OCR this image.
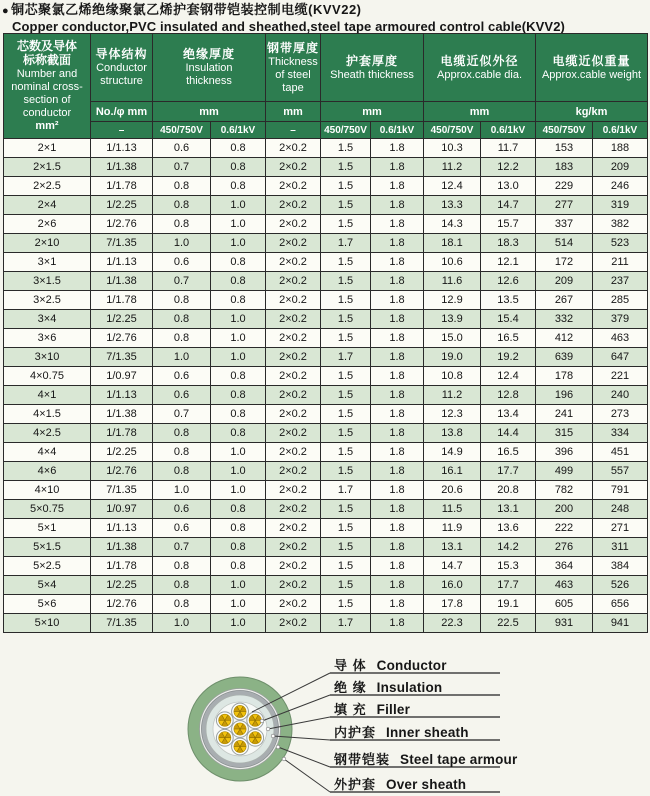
● 铜芯聚氯乙烯绝缘聚氯乙烯护套钢带铠装控制电缆(KVV22)
Copper conductor,PVC insulated and sheathed,steel tape armoured control cable(KVV2)
芯数及导体
标称截面
Number and nominal cross-section of conductor
mm²

导体结构
Conductor structure

绝缘厚度
Insulation thickness

钢带厚度
Thickness of steel tape

护套厚度
Sheath thickness

电缆近似外径
Approx.cable dia.

电缆近似重量
Approx.cable weight

	No./φ mm	mm		mm	mm		mm		kg/km	
	–	450/750V	0.6/1kV	–	450/750V	0.6/1kV	450/750V	0.6/1kV	450/750V	0.6/1kV
2×1	1/1.13	0.6	0.8	2×0.2	1.5	1.8	10.3	11.7	153	188
2×1.5	1/1.38	0.7	0.8	2×0.2	1.5	1.8	11.2	12.2	183	209
2×2.5	1/1.78	0.8	0.8	2×0.2	1.5	1.8	12.4	13.0	229	246
2×4	1/2.25	0.8	1.0	2×0.2	1.5	1.8	13.3	14.7	277	319
2×6	1/2.76	0.8	1.0	2×0.2	1.5	1.8	14.3	15.7	337	382
2×10	7/1.35	1.0	1.0	2×0.2	1.7	1.8	18.1	18.3	514	523
3×1	1/1.13	0.6	0.8	2×0.2	1.5	1.8	10.6	12.1	172	211
3×1.5	1/1.38	0.7	0.8	2×0.2	1.5	1.8	11.6	12.6	209	237
3×2.5	1/1.78	0.8	0.8	2×0.2	1.5	1.8	12.9	13.5	267	285
3×4	1/2.25	0.8	1.0	2×0.2	1.5	1.8	13.9	15.4	332	379
3×6	1/2.76	0.8	1.0	2×0.2	1.5	1.8	15.0	16.5	412	463
3×10	7/1.35	1.0	1.0	2×0.2	1.7	1.8	19.0	19.2	639	647
4×0.75	1/0.97	0.6	0.8	2×0.2	1.5	1.8	10.8	12.4	178	221
4×1	1/1.13	0.6	0.8	2×0.2	1.5	1.8	11.2	12.8	196	240
4×1.5	1/1.38	0.7	0.8	2×0.2	1.5	1.8	12.3	13.4	241	273
4×2.5	1/1.78	0.8	0.8	2×0.2	1.5	1.8	13.8	14.4	315	334
4×4	1/2.25	0.8	1.0	2×0.2	1.5	1.8	14.9	16.5	396	451
4×6	1/2.76	0.8	1.0	2×0.2	1.5	1.8	16.1	17.7	499	557
4×10	7/1.35	1.0	1.0	2×0.2	1.7	1.8	20.6	20.8	782	791
5×0.75	1/0.97	0.6	0.8	2×0.2	1.5	1.8	11.5	13.1	200	248
5×1	1/1.13	0.6	0.8	2×0.2	1.5	1.8	11.9	13.6	222	271
5×1.5	1/1.38	0.7	0.8	2×0.2	1.5	1.8	13.1	14.2	276	311
5×2.5	1/1.78	0.8	0.8	2×0.2	1.5	1.8	14.7	15.3	364	384
5×4	1/2.25	0.8	1.0	2×0.2	1.5	1.8	16.0	17.7	463	526
5×6	1/2.76	0.8	1.0	2×0.2	1.5	1.8	17.8	19.1	605	656
5×10	7/1.35	1.0	1.0	2×0.2	1.7	1.8	22.3	22.5	931	941
导 体 Conductor
绝 缘 Insulation
填 充 Filler
内护套 Inner sheath
钢带铠装 Steel tape armour
外护套 Over sheath
